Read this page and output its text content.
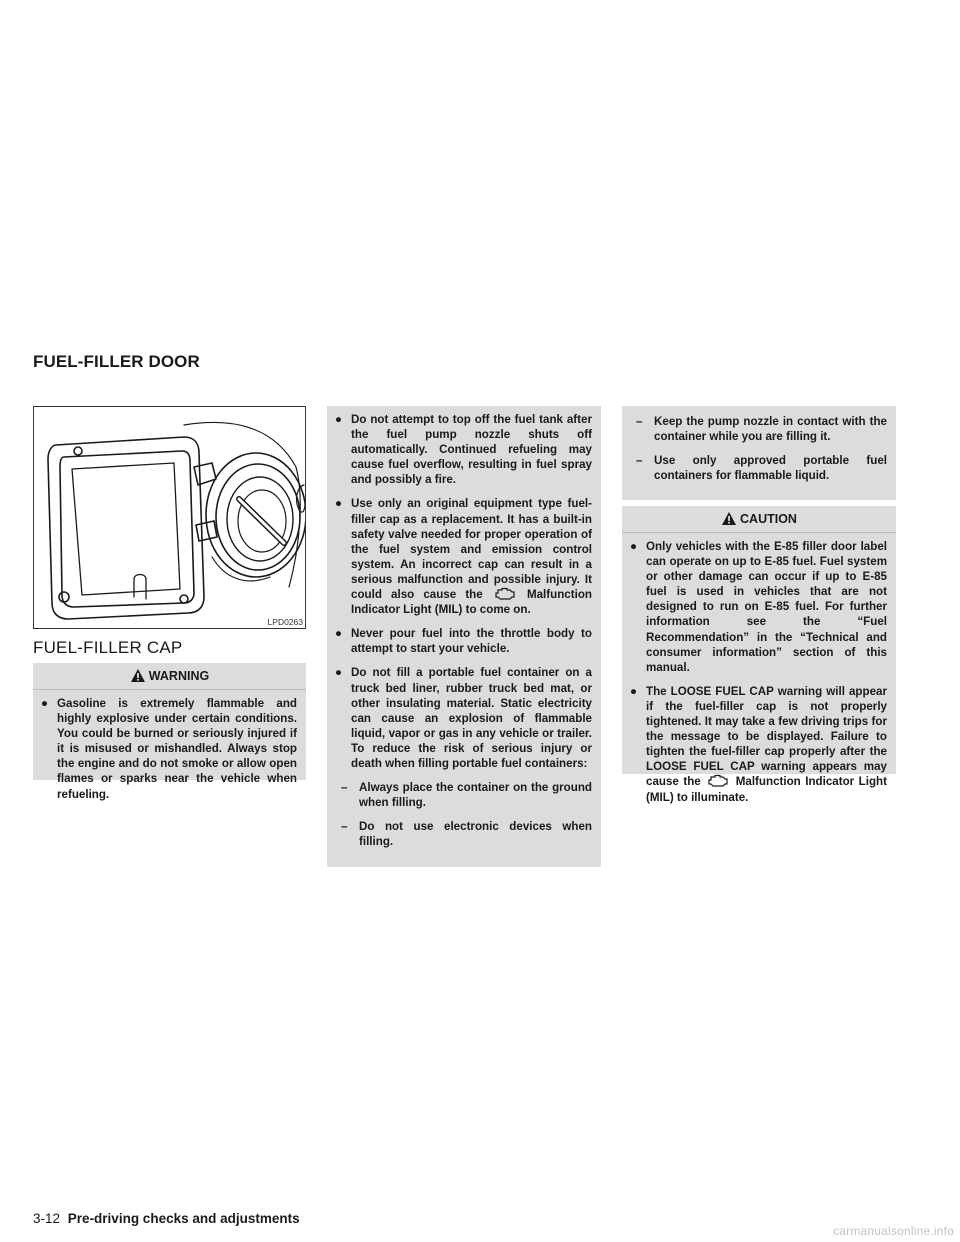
FUEL-FILLER DOOR
LPD0263
FUEL-FILLER CAP
WARNING
● Gasoline is extremely flammable and highly explosive under certain conditions. You could be burned or seriously injured if it is misused or mishandled. Always stop the engine and do not smoke or allow open flames or sparks near the vehicle when refueling.
● Do not attempt to top off the fuel tank after the fuel pump nozzle shuts off automatically. Continued refueling may cause fuel overflow, resulting in fuel spray and possibly a fire.
● Use only an original equipment type fuel-filler cap as a replacement. It has a built-in safety valve needed for proper operation of the fuel system and emission control system. An incorrect cap can result in a serious malfunction and possible injury. It could also cause the	Malfunction Indicator Light (MIL) to come on.
● Never pour fuel into the throttle body to attempt to start your vehicle.
● Do not fill a portable fuel container on a truck bed liner, rubber truck bed mat, or other insulating material. Static electricity can cause an explosion of flammable liquid, vapor or gas in any vehicle or trailer. To reduce the risk of serious injury or death when filling portable fuel containers:
– Always place the container on the ground when filling.
– Do not use electronic devices when filling.
– Keep the pump nozzle in contact with the container while you are filling it.
– Use only approved portable fuel containers for flammable liquid.
CAUTION
● Only vehicles with the E-85 filler door label can operate on up to E-85 fuel. Fuel system or other damage can occur if up to E-85 fuel is used in vehicles that are not designed to run on E-85 fuel. For further information see the “Fuel Recommendation” in the “Technical and consumer information” section of this manual.
● The LOOSE FUEL CAP warning will appear if the fuel-filler cap is not properly tightened. It may take a few driving trips for the message to be displayed. Failure to tighten the fuel-filler cap properly after the LOOSE FUEL CAP warning appears may cause the	Malfunction Indicator Light (MIL) to illuminate.
3-12 Pre-driving checks and adjustments
carmanualsonline.info
